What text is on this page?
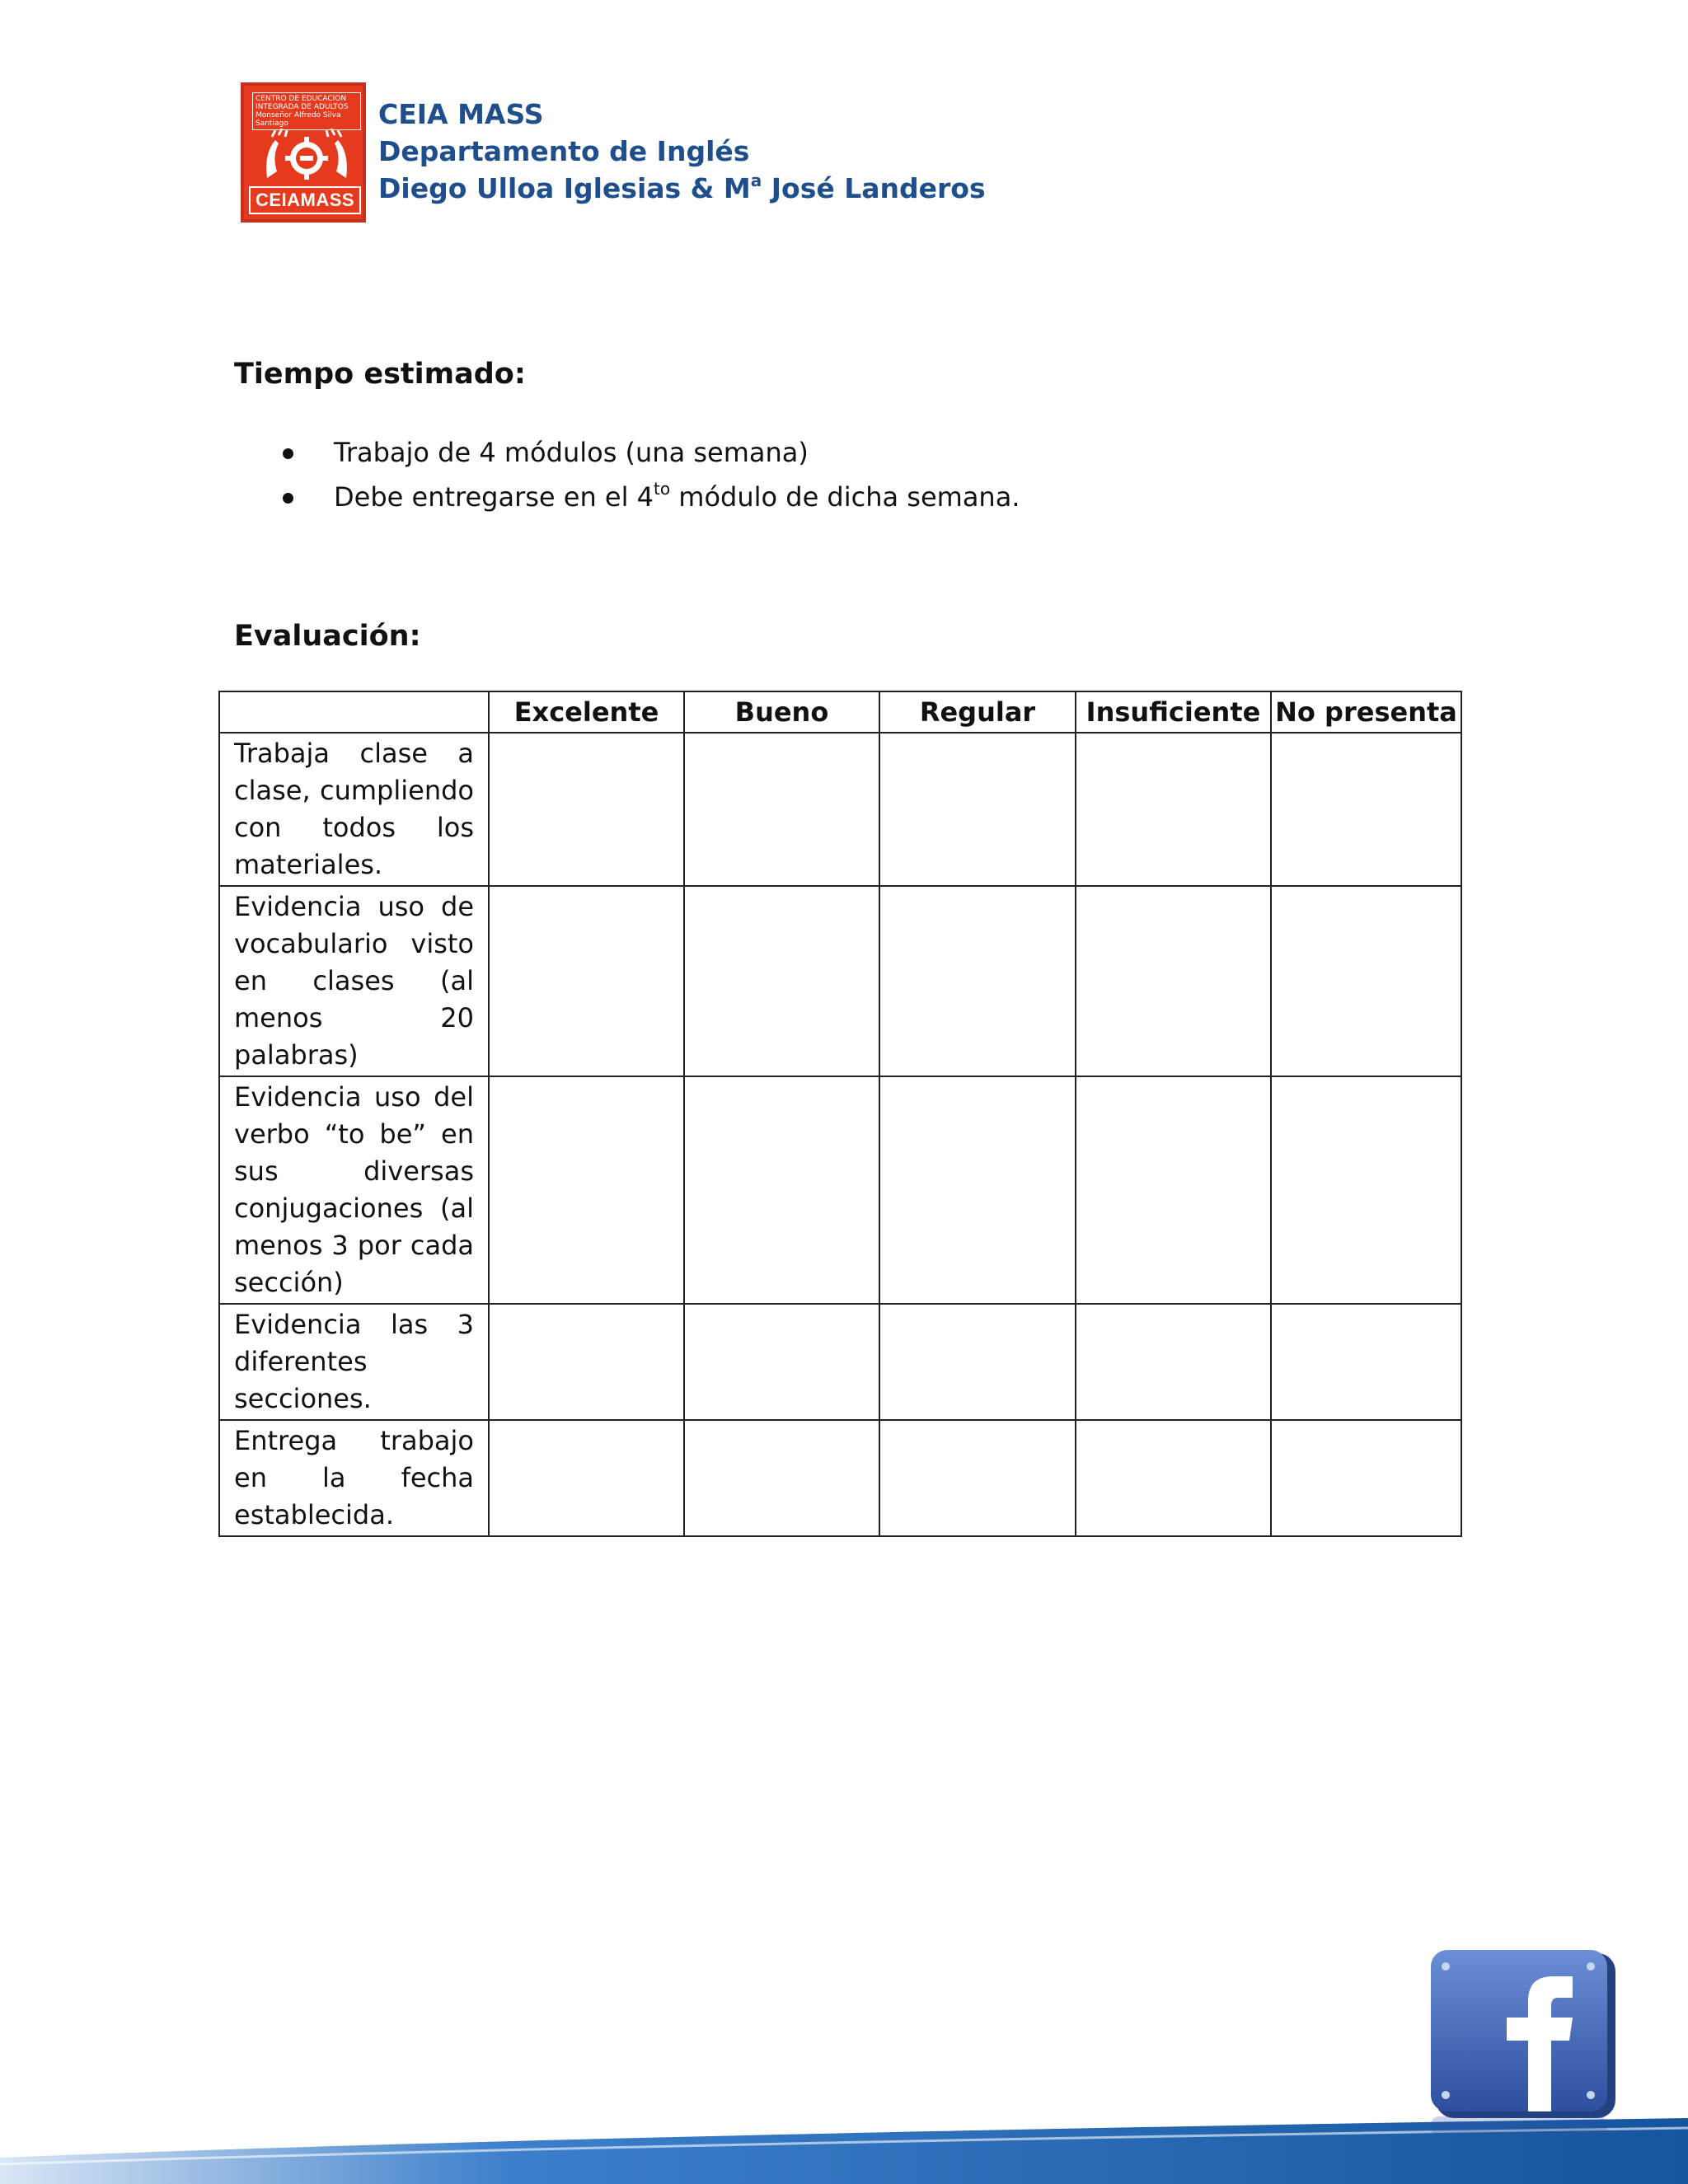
CENTRO DE EDUCACION INTEGRADA DE ADULTOS Monseñor Alfredo Silva Santiago
CEIAMASS
CEIA MASS
Departamento de Inglés
Diego Ulloa Iglesias & $M^a$ José Landeros
Tiempo estimado:
Trabajo de 4 módulos (una semana)
Debe entregarse en el $4^{to}$ módulo de dicha semana.
Evaluación:
	Excelente	Bueno	Regular	Insuficiente	No presenta
Trabaja clase a clase, cumpliendo con todos los materiales.					
Evidencia uso de vocabulario visto en clases (al menos 20 palabras)					
Evidencia uso del verbo “to be” en sus diversas conjugaciones (al menos 3 por cada sección)					
Evidencia las 3 diferentes secciones.					
Entrega trabajo en la fecha establecida.					
